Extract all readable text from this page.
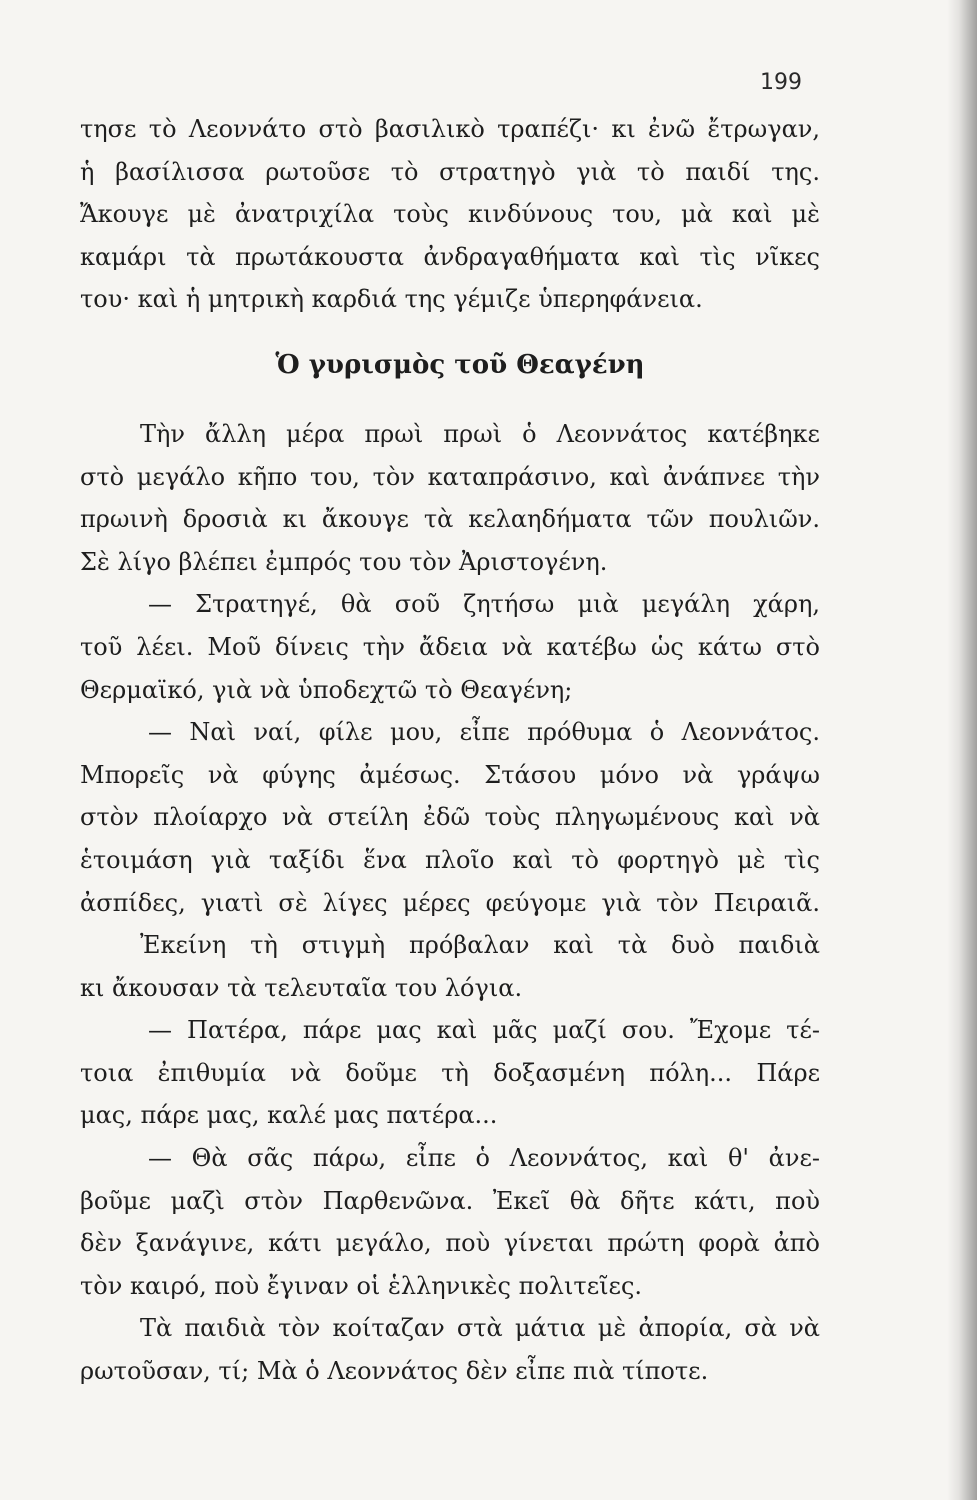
199
τησε τὸ Λεοννάτο στὸ βασιλικὸ τραπέζι· κι ἐνῶ ἔτρωγαν,
ἡ βασίλισσα ρωτοῦσε τὸ στρατηγὸ γιὰ τὸ παιδί της.
Ἄκουγε μὲ ἀνατριχίλα τοὺς κινδύνους του, μὰ καὶ μὲ
καμάρι τὰ πρωτάκουστα ἀνδραγαθήματα καὶ τὶς νῖκες
του· καὶ ἡ μητρικὴ καρδιά της γέμιζε ὑπερηφάνεια.
Ὁ γυρισμὸς τοῦ Θεαγένη
Τὴν ἄλλη μέρα πρωὶ πρωὶ ὁ Λεοννάτος κατέβηκε
στὸ μεγάλο κῆπο του, τὸν καταπράσινο, καὶ ἀνάπνεε τὴν
πρωινὴ δροσιὰ κι ἄκουγε τὰ κελαηδήματα τῶν πουλιῶν.
Σὲ λίγο βλέπει ἐμπρός του τὸν Ἀριστογένη.
— Στρατηγέ, θὰ σοῦ ζητήσω μιὰ μεγάλη χάρη,
τοῦ λέει. Μοῦ δίνεις τὴν ἄδεια νὰ κατέβω ὡς κάτω στὸ
Θερμαϊκό, γιὰ νὰ ὑποδεχτῶ τὸ Θεαγένη;
— Ναὶ ναί, φίλε μου, εἶπε πρόθυμα ὁ Λεοννάτος.
Μπορεῖς νὰ φύγης ἀμέσως. Στάσου μόνο νὰ γράψω
στὸν πλοίαρχο νὰ στείλη ἐδῶ τοὺς πληγωμένους καὶ νὰ
ἑτοιμάση γιὰ ταξίδι ἕνα πλοῖο καὶ τὸ φορτηγὸ μὲ τὶς
ἀσπίδες, γιατὶ σὲ λίγες μέρες φεύγομε γιὰ τὸν Πειραιᾶ.
Ἐκείνη τὴ στιγμὴ πρόβαλαν καὶ τὰ δυὸ παιδιὰ
κι ἄκουσαν τὰ τελευταῖα του λόγια.
— Πατέρα, πάρε μας καὶ μᾶς μαζί σου. Ἔχομε τέ-
τοια ἐπιθυμία νὰ δοῦμε τὴ δοξασμένη πόλη... Πάρε
μας, πάρε μας, καλέ μας πατέρα...
— Θὰ σᾶς πάρω, εἶπε ὁ Λεοννάτος, καὶ θ' ἀνε-
βοῦμε μαζὶ στὸν Παρθενῶνα. Ἐκεῖ θὰ δῆτε κάτι, ποὺ
δὲν ξανάγινε, κάτι μεγάλο, ποὺ γίνεται πρώτη φορὰ ἀπὸ
τὸν καιρό, ποὺ ἔγιναν οἱ ἑλληνικὲς πολιτεῖες.
Τὰ παιδιὰ τὸν κοίταζαν στὰ μάτια μὲ ἀπορία, σὰ νὰ
ρωτοῦσαν, τί; Μὰ ὁ Λεοννάτος δὲν εἶπε πιὰ τίποτε.
